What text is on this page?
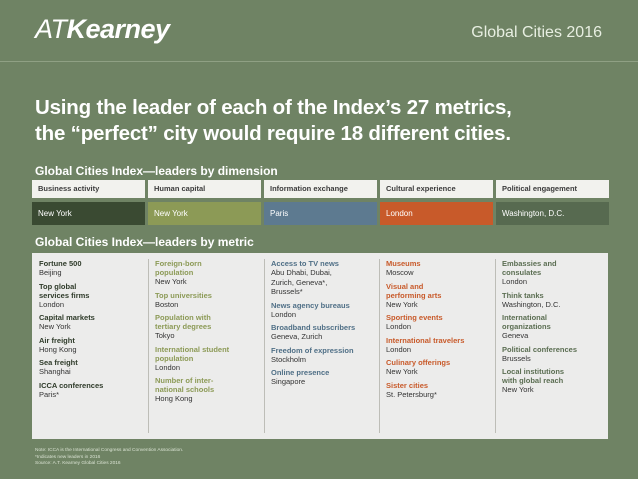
ATKearney	Global Cities 2016
Using the leader of each of the Index’s 27 metrics,
the “perfect” city would require 18 different cities.
Global Cities Index—leaders by dimension
Business activity
New York
Human capital
New York
Information exchange
Paris
Cultural experience
London
Political engagement
Washington, D.C.
Global Cities Index—leaders by metric
Fortune 500
Beijing
Top global
services firms
London
Capital markets
New York
Air freight
Hong Kong
Sea freight
Shanghai
ICCA conferences
Paris*
Foreign-born
population
New York
Top universities
Boston
Population with
tertiary degrees
Tokyo
International student
population
London
Number of inter-
national schools
Hong Kong
Access to TV news
Abu Dhabi, Dubai,
Zurich, Geneva*,
Brussels*
News agency bureaus
London
Broadband subscribers
Geneva, Zurich
Freedom of expression
Stockholm
Online presence
Singapore
Museums
Moscow
Visual and
performing arts
New York
Sporting events
London
International travelers
London
Culinary offerings
New York
Sister cities
St. Petersburg*
Embassies and
consulates
London
Think tanks
Washington, D.C.
International
organizations
Geneva
Political conferences
Brussels
Local institutions
with global reach
New York
Note: ICCA is the International Congress and Convention Association.
*Indicates new leaders in 2016
Source: A.T. Kearney Global Cities 2016
